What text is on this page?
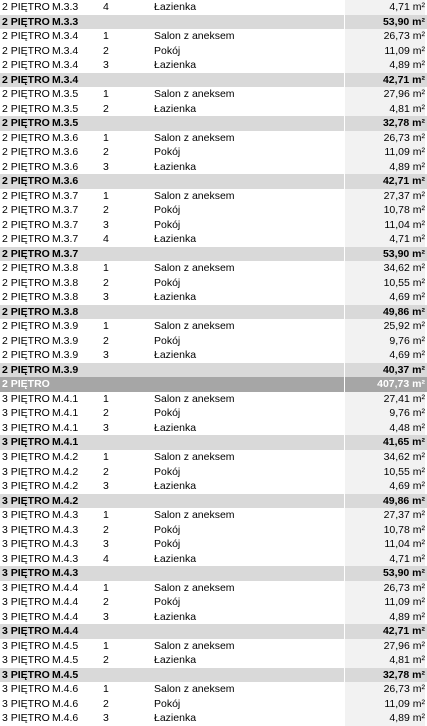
2 PIĘTRO M.3.3 4	Łazienka	4,71 m²
2 PIĘTRO M.3.3	53,90 m²
2 PIĘTRO M.3.4 1	Salon z aneksem	26,73 m²
2 PIĘTRO M.3.4 2	Pokój	11,09 m²
2 PIĘTRO M.3.4 3	Łazienka	4,89 m²
2 PIĘTRO M.3.4	42,71 m²
2 PIĘTRO M.3.5 1	Salon z aneksem	27,96 m²
2 PIĘTRO M.3.5 2	Łazienka	4,81 m²
2 PIĘTRO M.3.5	32,78 m²
2 PIĘTRO M.3.6 1	Salon z aneksem	26,73 m²
2 PIĘTRO M.3.6 2	Pokój	11,09 m²
2 PIĘTRO M.3.6 3	Łazienka	4,89 m²
2 PIĘTRO M.3.6	42,71 m²
2 PIĘTRO M.3.7 1	Salon z aneksem	27,37 m²
2 PIĘTRO M.3.7 2	Pokój	10,78 m²
2 PIĘTRO M.3.7 3	Pokój	11,04 m²
2 PIĘTRO M.3.7 4	Łazienka	4,71 m²
2 PIĘTRO M.3.7	53,90 m²
2 PIĘTRO M.3.8 1	Salon z aneksem	34,62 m²
2 PIĘTRO M.3.8 2	Pokój	10,55 m²
2 PIĘTRO M.3.8 3	Łazienka	4,69 m²
2 PIĘTRO M.3.8	49,86 m²
2 PIĘTRO M.3.9 1	Salon z aneksem	25,92 m²
2 PIĘTRO M.3.9 2	Pokój	9,76 m²
2 PIĘTRO M.3.9 3	Łazienka	4,69 m²
2 PIĘTRO M.3.9	40,37 m²
2 PIĘTRO	407,73 m²
3 PIĘTRO M.4.1 1	Salon z aneksem	27,41 m²
3 PIĘTRO M.4.1 2	Pokój	9,76 m²
3 PIĘTRO M.4.1 3	Łazienka	4,48 m²
3 PIĘTRO M.4.1	41,65 m²
3 PIĘTRO M.4.2 1	Salon z aneksem	34,62 m²
3 PIĘTRO M.4.2 2	Pokój	10,55 m²
3 PIĘTRO M.4.2 3	Łazienka	4,69 m²
3 PIĘTRO M.4.2	49,86 m²
3 PIĘTRO M.4.3 1	Salon z aneksem	27,37 m²
3 PIĘTRO M.4.3 2	Pokój	10,78 m²
3 PIĘTRO M.4.3 3	Pokój	11,04 m²
3 PIĘTRO M.4.3 4	Łazienka	4,71 m²
3 PIĘTRO M.4.3	53,90 m²
3 PIĘTRO M.4.4 1	Salon z aneksem	26,73 m²
3 PIĘTRO M.4.4 2	Pokój	11,09 m²
3 PIĘTRO M.4.4 3	Łazienka	4,89 m²
3 PIĘTRO M.4.4	42,71 m²
3 PIĘTRO M.4.5 1	Salon z aneksem	27,96 m²
3 PIĘTRO M.4.5 2	Łazienka	4,81 m²
3 PIĘTRO M.4.5	32,78 m²
3 PIĘTRO M.4.6 1	Salon z aneksem	26,73 m²
3 PIĘTRO M.4.6 2	Pokój	11,09 m²
3 PIĘTRO M.4.6 3	Łazienka	4,89 m²
